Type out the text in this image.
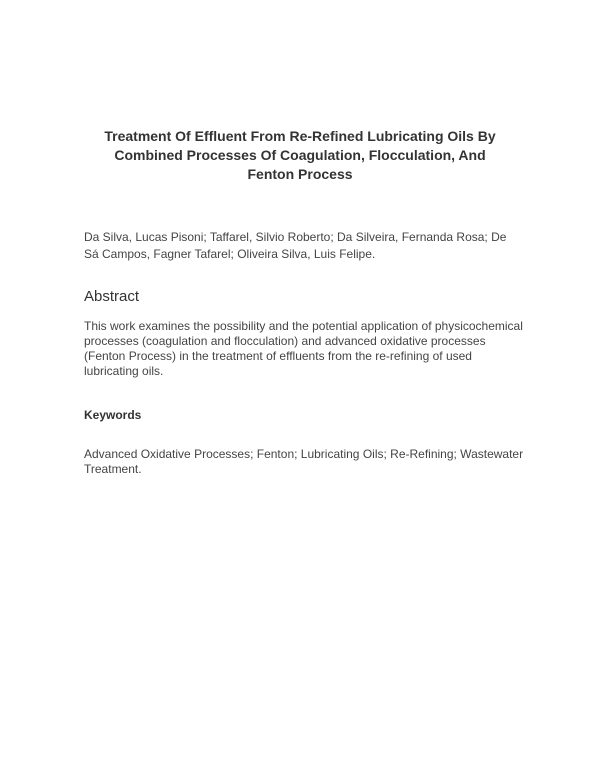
Treatment Of Effluent From Re-Refined Lubricating Oils By Combined Processes Of Coagulation, Flocculation, And Fenton Process

Da Silva, Lucas Pisoni; Taffarel, Silvio Roberto; Da Silveira, Fernanda Rosa; De Sá Campos, Fagner Tafarel; Oliveira Silva, Luis Felipe.

Abstract

This work examines the possibility and the potential application of physicochemical processes (coagulation and flocculation) and advanced oxidative processes (Fenton Process) in the treatment of effluents from the re-refining of used lubricating oils.

Keywords

Advanced Oxidative Processes; Fenton; Lubricating Oils; Re-Refining; Wastewater Treatment.
